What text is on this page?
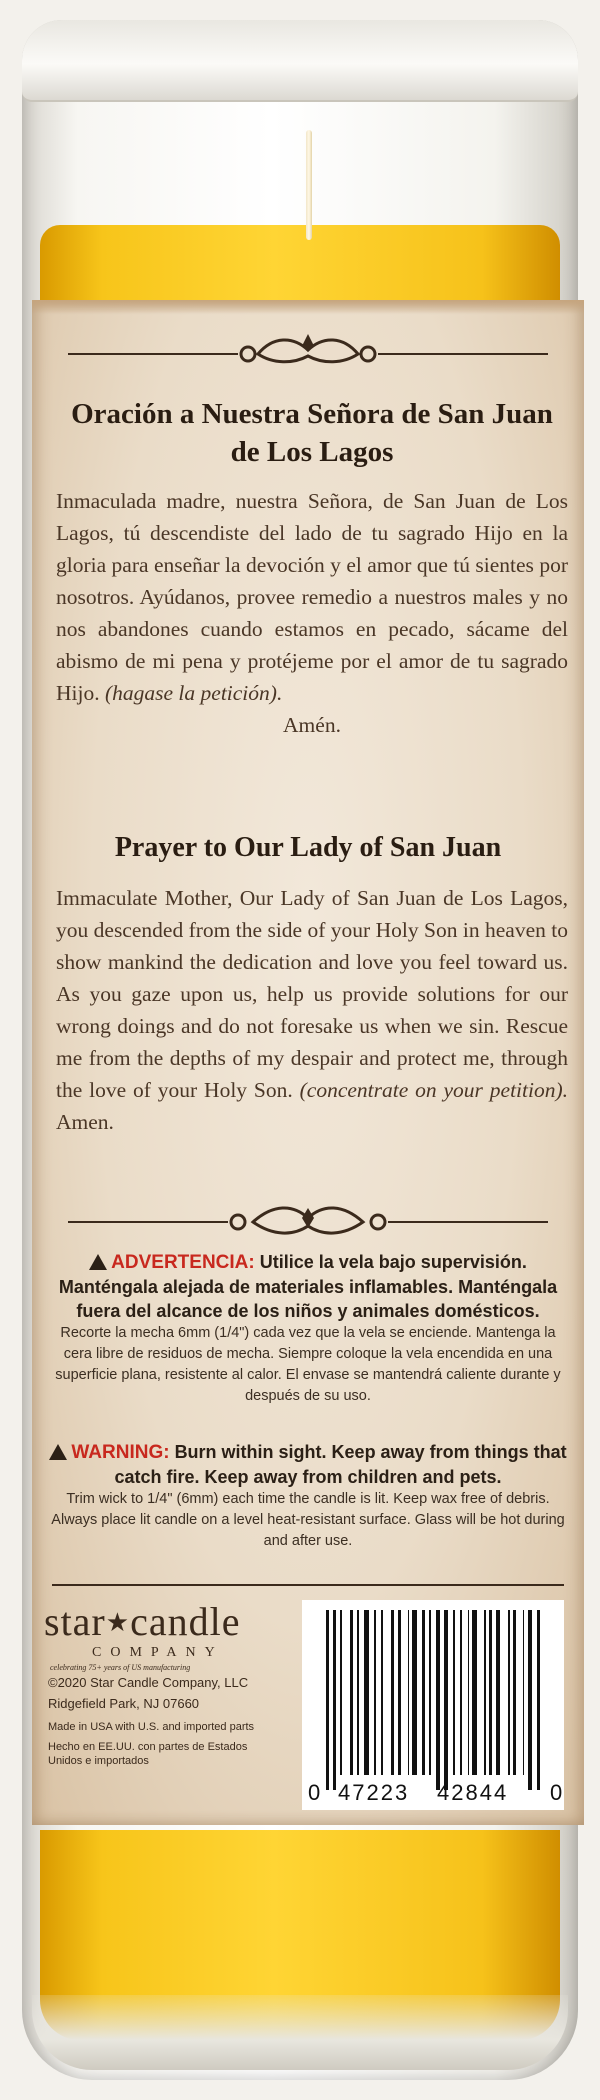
Oración a Nuestra Señora de San Juan de Los Lagos
Inmaculada madre, nuestra Señora, de San Juan de Los Lagos, tú descendiste del lado de tu sagrado Hijo en la gloria para enseñar la devoción y el amor que tú sientes por nosotros. Ayúdanos, provee remedio a nuestros males y no nos abandones cuando estamos en pecado, sácame del abismo de mi pena y protéjeme por el amor de tu sagrado Hijo. (hagase la petición).
Amén.
Prayer to Our Lady of San Juan
Immaculate Mother, Our Lady of San Juan de Los Lagos, you descended from the side of your Holy Son in heaven to show mankind the dedication and love you feel toward us. As you gaze upon us, help us provide solutions for our wrong doings and do not foresake us when we sin. Rescue me from the depths of my despair and protect me, through the love of your Holy Son. (concentrate on your petition). Amen.
ADVERTENCIA: Utilice la vela bajo supervisión. Manténgala alejada de materiales inflamables. Manténgala fuera del alcance de los niños y animales domésticos.
Recorte la mecha 6mm (1/4") cada vez que la vela se enciende. Mantenga la cera libre de residuos de mecha. Siempre coloque la vela encendida en una superficie plana, resistente al calor. El envase se mantendrá caliente durante y después de su uso.
WARNING: Burn within sight. Keep away from things that catch fire. Keep away from children and pets.
Trim wick to 1/4" (6mm) each time the candle is lit. Keep wax free of debris. Always place lit candle on a level heat-resistant surface. Glass will be hot during and after use.
star★candle
COMPANY
celebrating 75+ years of US manufacturing
©2020 Star Candle Company, LLC
Ridgefield Park, NJ 07660
Made in USA with U.S. and imported parts
Hecho en EE.UU. con partes de Estados Unidos e importados
0 47223 42844 0
